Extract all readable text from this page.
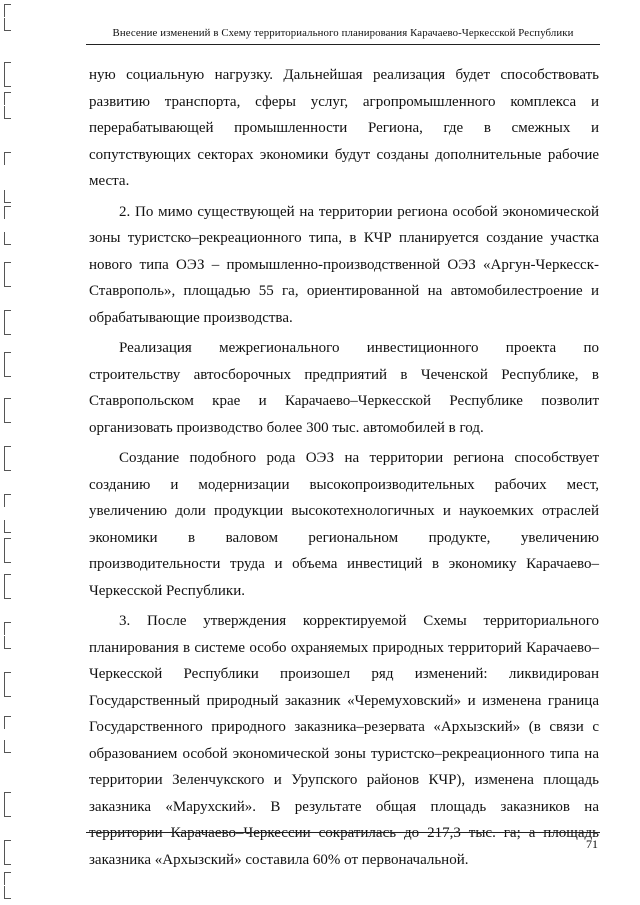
Внесение изменений в Схему территориального планирования Карачаево-Черкесской Республики

ную социальную нагрузку. Дальнейшая реализация будет способствовать развитию транспорта, сферы услуг, агропромышленного комплекса и перерабатывающей промышленности Региона, где в смежных и сопутствующих секторах экономики будут созданы дополнительные рабочие места.

2. По мимо существующей на территории региона особой экономической зоны туристско–рекреационного типа, в КЧР планируется создание участка нового типа ОЭЗ – промышленно-производственной ОЭЗ «Аргун-Черкесск-Ставрополь», площадью 55 га, ориентированной на автомобилестроение и обрабатывающие производства.

Реализация межрегионального инвестиционного проекта по строительству автосборочных предприятий в Чеченской Республике, в Ставропольском крае и Карачаево–Черкесской Республике позволит организовать производство более 300 тыс. автомобилей в год.

Создание подобного рода ОЭЗ на территории региона способствует созданию и модернизации высокопроизводительных рабочих мест, увеличению доли продукции высокотехнологичных и наукоемких отраслей экономики в валовом региональном продукте, увеличению производительности труда и объема инвестиций в экономику Карачаево–Черкесской Республики.

3. После утверждения корректируемой Схемы территориального планирования в системе особо охраняемых природных территорий Карачаево–Черкесской Республики произошел ряд изменений: ликвидирован Государственный природный заказник «Черемуховский» и изменена граница Государственного природного заказника–резервата «Архызский» (в связи с образованием особой экономической зоны туристско–рекреационного типа на территории Зеленчукского и Урупского районов КЧР), изменена площадь заказника «Марухский». В результате общая площадь заказников на территории Карачаево–Черкессии сократилась до 217,3 тыс. га; а площадь заказника «Архызский» составила 60% от первоначальной.

71
